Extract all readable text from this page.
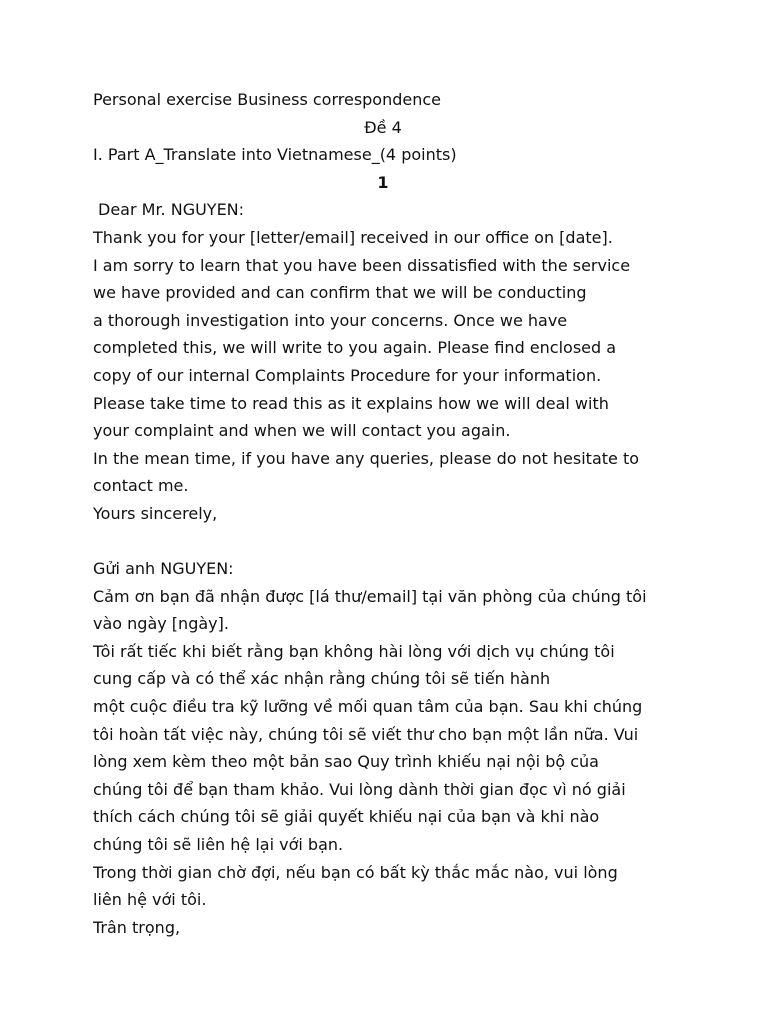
Personal exercise Business correspondence
Đề 4
I. Part A_Translate into Vietnamese_(4 points)
1
Dear Mr. NGUYEN:
Thank you for your [letter/email] received in our office on [date].
I am sorry to learn that you have been dissatisfied with the service
we have provided and can confirm that we will be conducting
a thorough investigation into your concerns. Once we have
completed this, we will write to you again. Please find enclosed a
copy of our internal Complaints Procedure for your information.
Please take time to read this as it explains how we will deal with
your complaint and when we will contact you again.
In the mean time, if you have any queries, please do not hesitate to
contact me.
Yours sincerely,
Gửi anh NGUYEN:
Cảm ơn bạn đã nhận được [lá thư/email] tại văn phòng của chúng tôi
vào ngày [ngày].
Tôi rất tiếc khi biết rằng bạn không hài lòng với dịch vụ chúng tôi
cung cấp và có thể xác nhận rằng chúng tôi sẽ tiến hành
một cuộc điều tra kỹ lưỡng về mối quan tâm của bạn. Sau khi chúng
tôi hoàn tất việc này, chúng tôi sẽ viết thư cho bạn một lần nữa. Vui
lòng xem kèm theo một bản sao Quy trình khiếu nại nội bộ của
chúng tôi để bạn tham khảo. Vui lòng dành thời gian đọc vì nó giải
thích cách chúng tôi sẽ giải quyết khiếu nại của bạn và khi nào
chúng tôi sẽ liên hệ lại với bạn.
Trong thời gian chờ đợi, nếu bạn có bất kỳ thắc mắc nào, vui lòng
liên hệ với tôi.
Trân trọng,
